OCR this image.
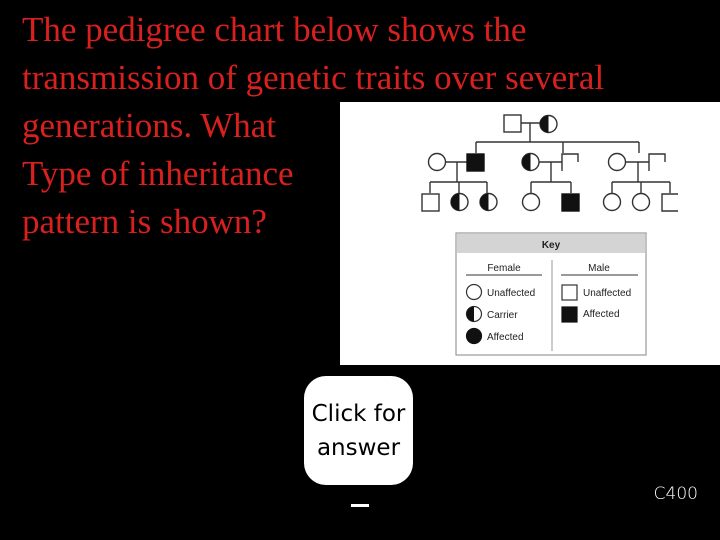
The pedigree chart below shows the
transmission of genetic traits over several
generations. What
Type of inheritance
pattern is shown?
Key
Female	Male
Unaffected
Carrier
Affected
Unaffected
Affected
Click for
answer
C400
